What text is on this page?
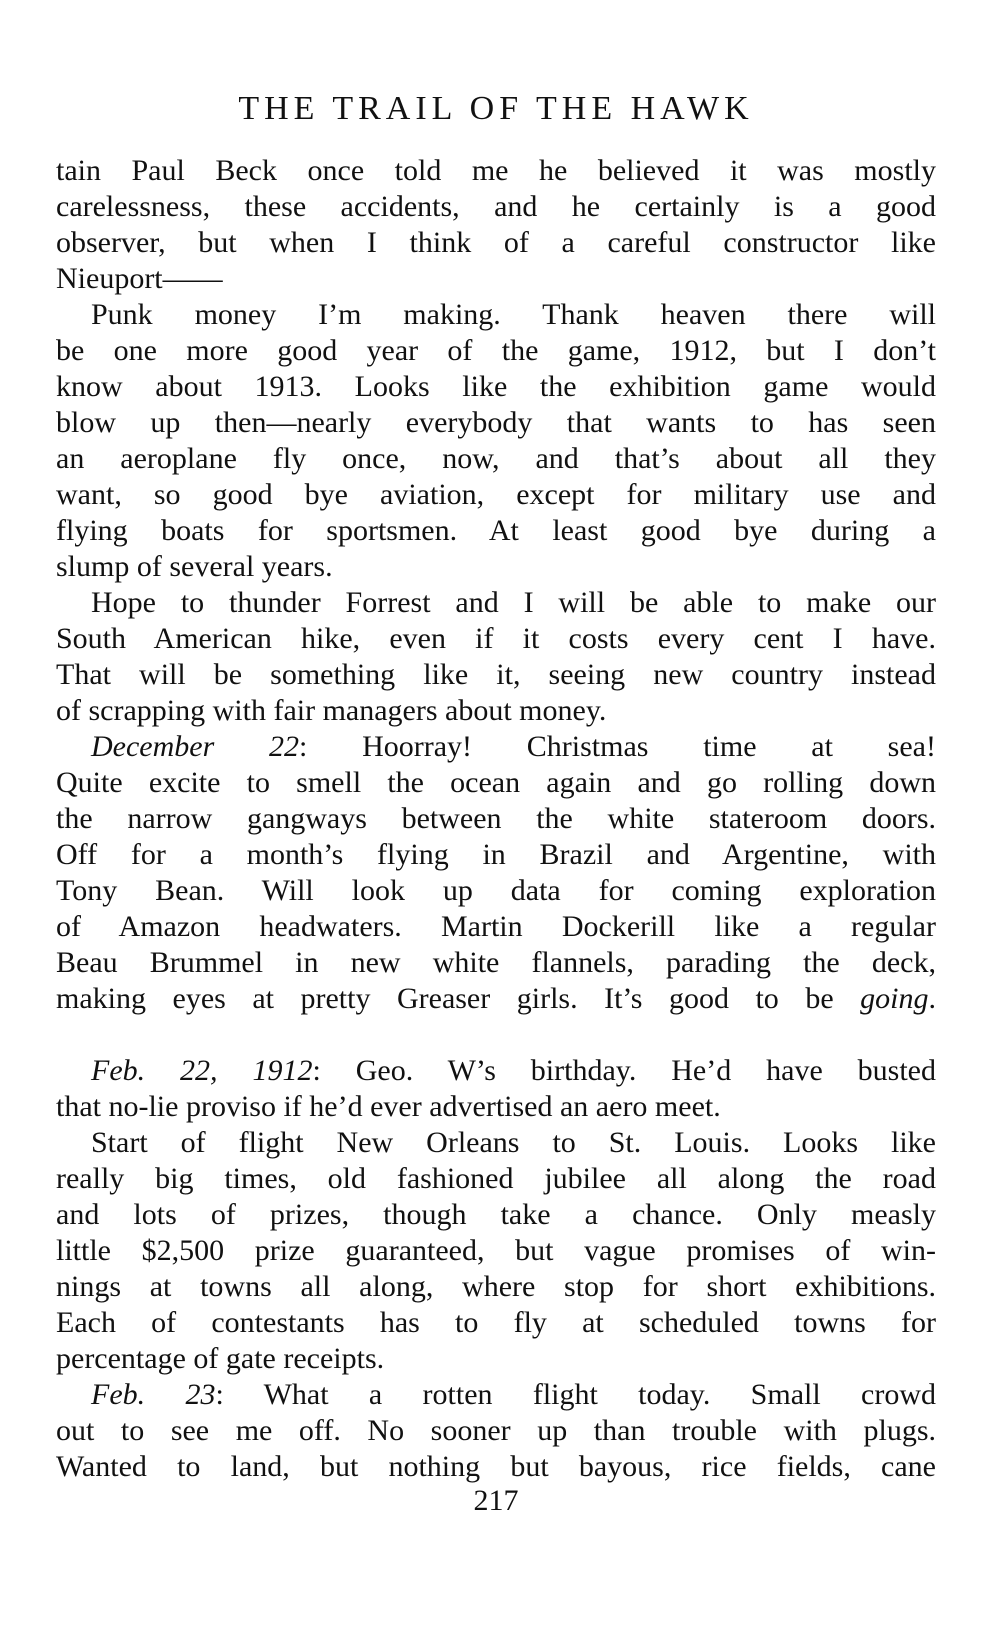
THE TRAIL OF THE HAWK
tain Paul Beck once told me he believed it was mostly
carelessness, these accidents, and he certainly is a good
observer, but when I think of a careful constructor like
Nieuport——
Punk money I’m making. Thank heaven there will
be one more good year of the game, 1912, but I don’t
know about 1913. Looks like the exhibition game would
blow up then—nearly everybody that wants to has seen
an aeroplane fly once, now, and that’s about all they
want, so good bye aviation, except for military use and
flying boats for sportsmen. At least good bye during a
slump of several years.
Hope to thunder Forrest and I will be able to make our
South American hike, even if it costs every cent I have.
That will be something like it, seeing new country instead
of scrapping with fair managers about money.
December 22: Hoorray! Christmas time at sea!
Quite excite to smell the ocean again and go rolling down
the narrow gangways between the white stateroom doors.
Off for a month’s flying in Brazil and Argentine, with
Tony Bean. Will look up data for coming exploration
of Amazon headwaters. Martin Dockerill like a regular
Beau Brummel in new white flannels, parading the deck,
making eyes at pretty Greaser girls. It’s good to be going.
Feb. 22, 1912: Geo. W’s birthday. He’d have busted
that no-lie proviso if he’d ever advertised an aero meet.
Start of flight New Orleans to St. Louis. Looks like
really big times, old fashioned jubilee all along the road
and lots of prizes, though take a chance. Only measly
little $2,500 prize guaranteed, but vague promises of win-
nings at towns all along, where stop for short exhibitions.
Each of contestants has to fly at scheduled towns for
percentage of gate receipts.
Feb. 23: What a rotten flight today. Small crowd
out to see me off. No sooner up than trouble with plugs.
Wanted to land, but nothing but bayous, rice fields, cane
217
